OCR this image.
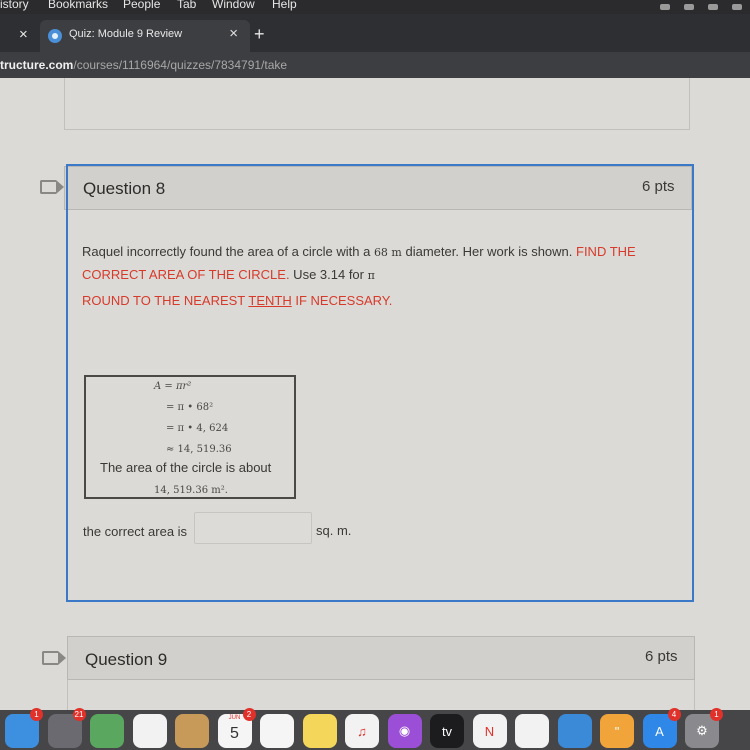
istory Bookmarks People Tab Window Help
×	Quiz: Module 9 Review	× +
tructure.com/courses/1116964/quizzes/7834791/take
Question 8	6 pts
Raquel incorrectly found the area of a circle with a 68 m diameter. Her work is shown. FIND THE CORRECT AREA OF THE CIRCLE. Use 3.14 for π
ROUND TO THE NEAREST TENTH IF NECESSARY.
A = πr²
= π • 68²
= π • 4, 624
≈ 14, 519.36
The area of the circle is about
14, 519.36 m².
the correct area is	sq. m.
Question 9	6 pts
1	21	JUN
5
2
♫ ◉ tv	N	"	A
4
⚙
1
